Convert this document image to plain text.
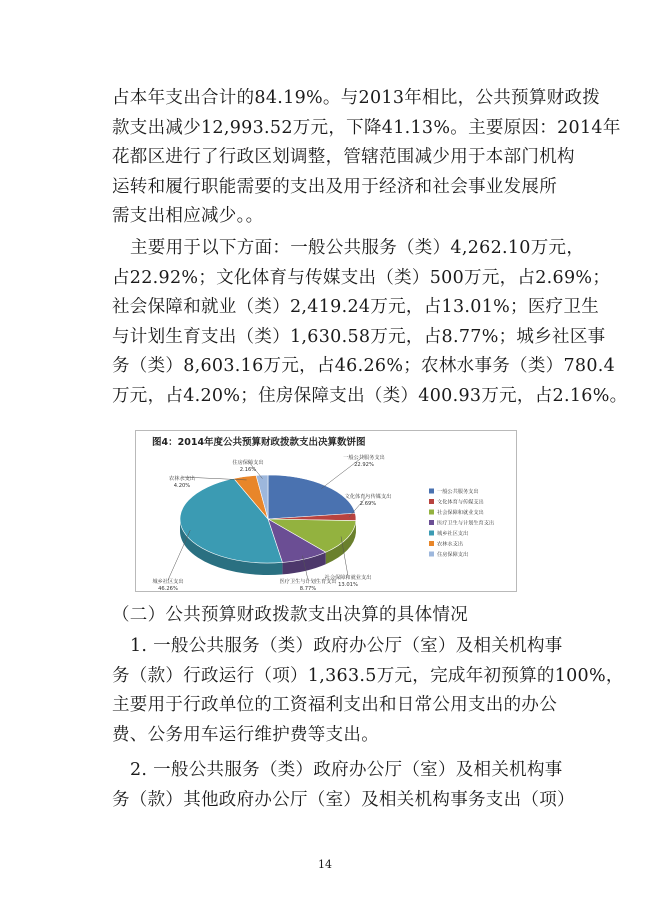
占本年支出合计的84.19%。与2013年相比，公共预算财政拨
款支出减少12,993.52万元，下降41.13%。主要原因：2014年
花都区进行了行政区划调整，管辖范围减少用于本部门机构
运转和履行职能需要的支出及用于经济和社会事业发展所
需支出相应减少。。

主要用于以下方面：一般公共服务（类）4,262.10万元，
占22.92%；文化体育与传媒支出（类）500万元，占2.69%；
社会保障和就业（类）2,419.24万元，占13.01%；医疗卫生
与计划生育支出（类）1,630.58万元，占8.77%；城乡社区事
务（类）8,603.16万元，占46.26%；农林水事务（类）780.4
万元，占4.20%；住房保障支出（类）400.93万元，占2.16%。

图4：2014年度公共预算财政拨款支出决算数饼图
一般公共服务支出
22.92%
文化体育与传媒支出
2.69%
社会保障和就业支出
13.01%
医疗卫生与计划生育支出
8.77%
城乡社区支出
46.26%
农林水支出
4.20%
住房保障支出
2.16%
一般公共服务支出
文化体育与传媒支出
社会保障和就业支出
医疗卫生与计划生育支出
城乡社区支出
农林水支出
住房保障支出

（二）公共预算财政拨款支出决算的具体情况

1. 一般公共服务（类）政府办公厅（室）及相关机构事
务（款）行政运行（项）1,363.5万元，完成年初预算的100%，
主要用于行政单位的工资福利支出和日常公用支出的办公
费、公务用车运行维护费等支出。

2. 一般公共服务（类）政府办公厅（室）及相关机构事
务（款）其他政府办公厅（室）及相关机构事务支出（项）

14
